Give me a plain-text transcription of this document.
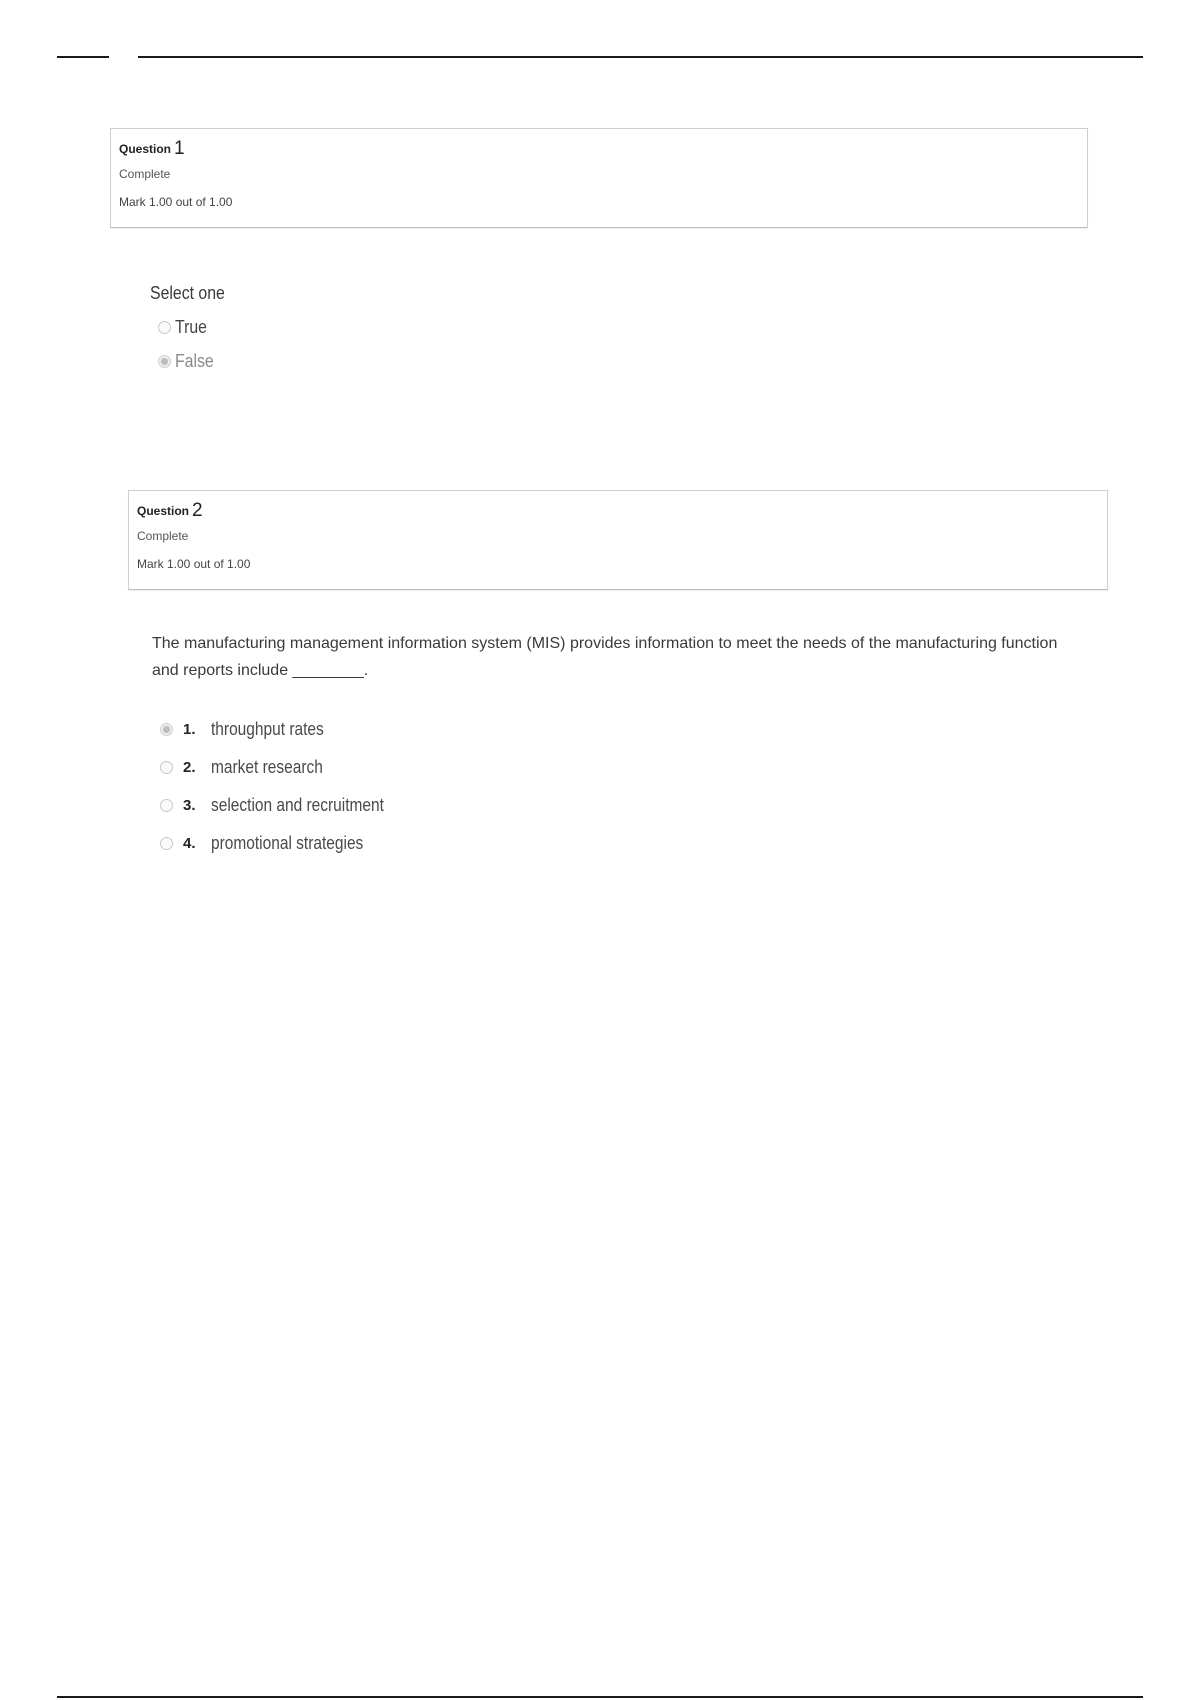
Question 1
Complete
Mark 1.00 out of 1.00
Select one
True
False
Question 2
Complete
Mark 1.00 out of 1.00
The manufacturing management information system (MIS) provides information to meet the needs of the manufacturing function and reports include ________.
1. throughput rates
2. market research
3. selection and recruitment
4. promotional strategies
